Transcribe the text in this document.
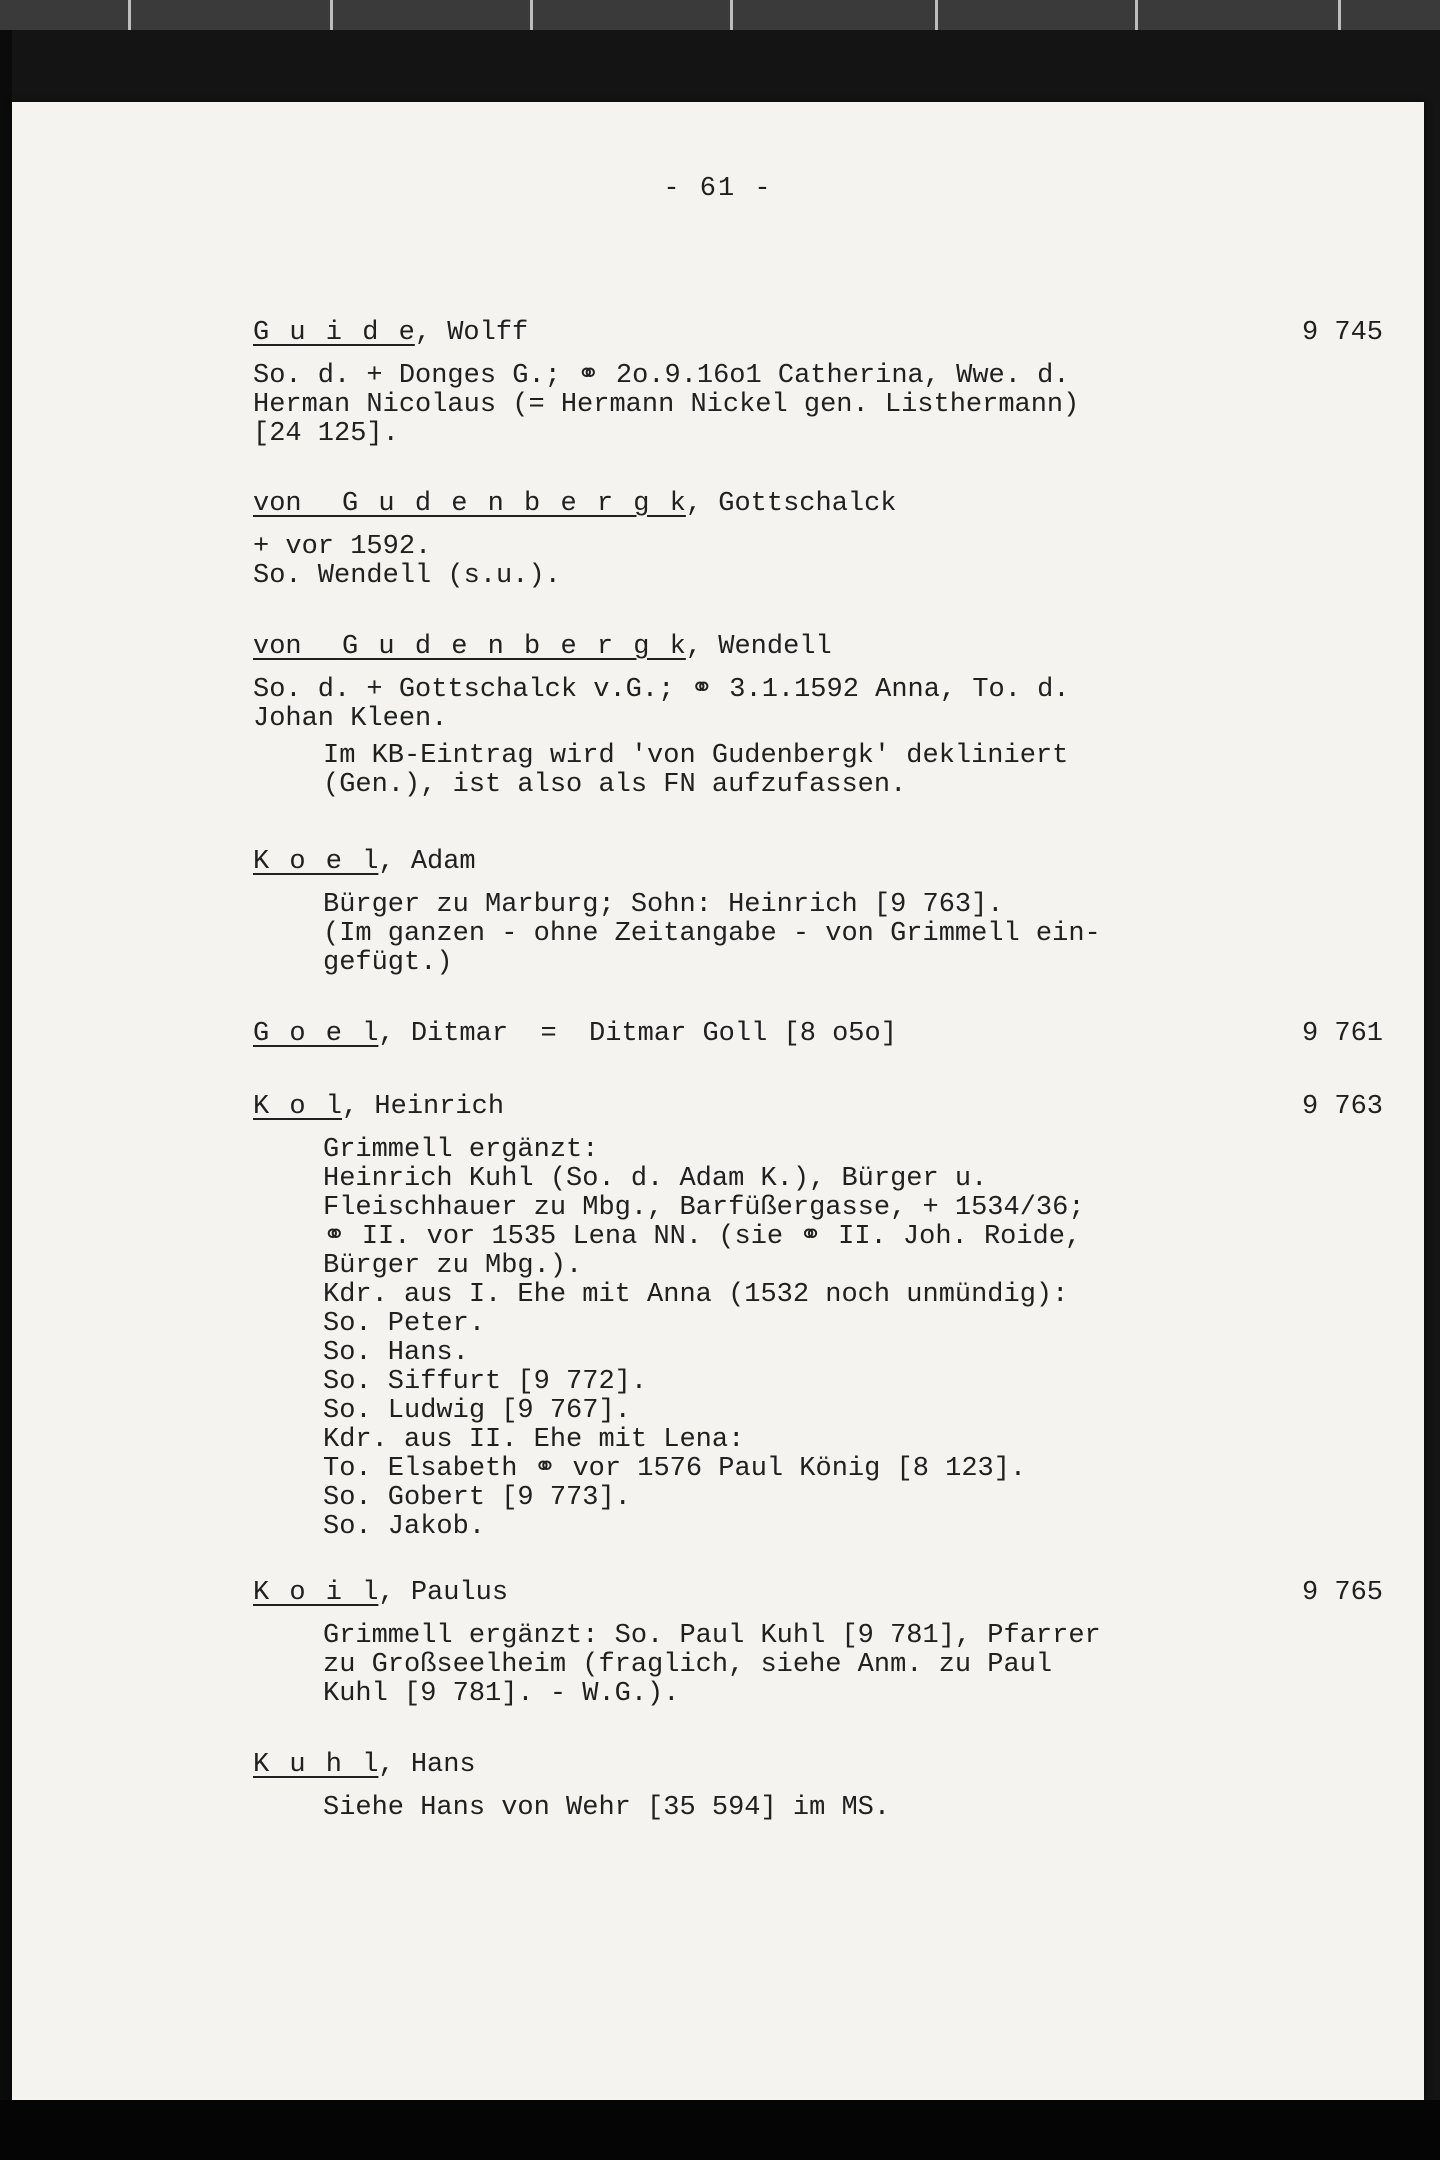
- 61 -
G u i d e, Wolff	9 745
So. d. + Donges G.; ⚭ 2o.9.16o1 Catherina, Wwe. d.
Herman Nicolaus (= Hermann Nickel gen. Listhermann)
[24 125].
von  G u d e n b e r g k, Gottschalck
+ vor 1592.
So. Wendell (s.u.).
von  G u d e n b e r g k, Wendell
So. d. + Gottschalck v.G.; ⚭ 3.1.1592 Anna, To. d.
Johan Kleen.
Im KB-Eintrag wird 'von Gudenbergk' dekliniert
(Gen.), ist also als FN aufzufassen.
K o e l, Adam
Bürger zu Marburg; Sohn: Heinrich [9 763].
(Im ganzen - ohne Zeitangabe - von Grimmell ein-
gefügt.)
G o e l, Ditmar  =  Ditmar Goll [8 o5o]	9 761
K o l, Heinrich	9 763
Grimmell ergänzt:
Heinrich Kuhl (So. d. Adam K.), Bürger u.
Fleischhauer zu Mbg., Barfüßergasse, + 1534/36;
⚭ II. vor 1535 Lena NN. (sie ⚭ II. Joh. Roide,
Bürger zu Mbg.).
Kdr. aus I. Ehe mit Anna (1532 noch unmündig):
So. Peter.
So. Hans.
So. Siffurt [9 772].
So. Ludwig [9 767].
Kdr. aus II. Ehe mit Lena:
To. Elsabeth ⚭ vor 1576 Paul König [8 123].
So. Gobert [9 773].
So. Jakob.
K o i l, Paulus	9 765
Grimmell ergänzt: So. Paul Kuhl [9 781], Pfarrer
zu Großseelheim (fraglich, siehe Anm. zu Paul
Kuhl [9 781]. - W.G.).
K u h l, Hans
Siehe Hans von Wehr [35 594] im MS.
